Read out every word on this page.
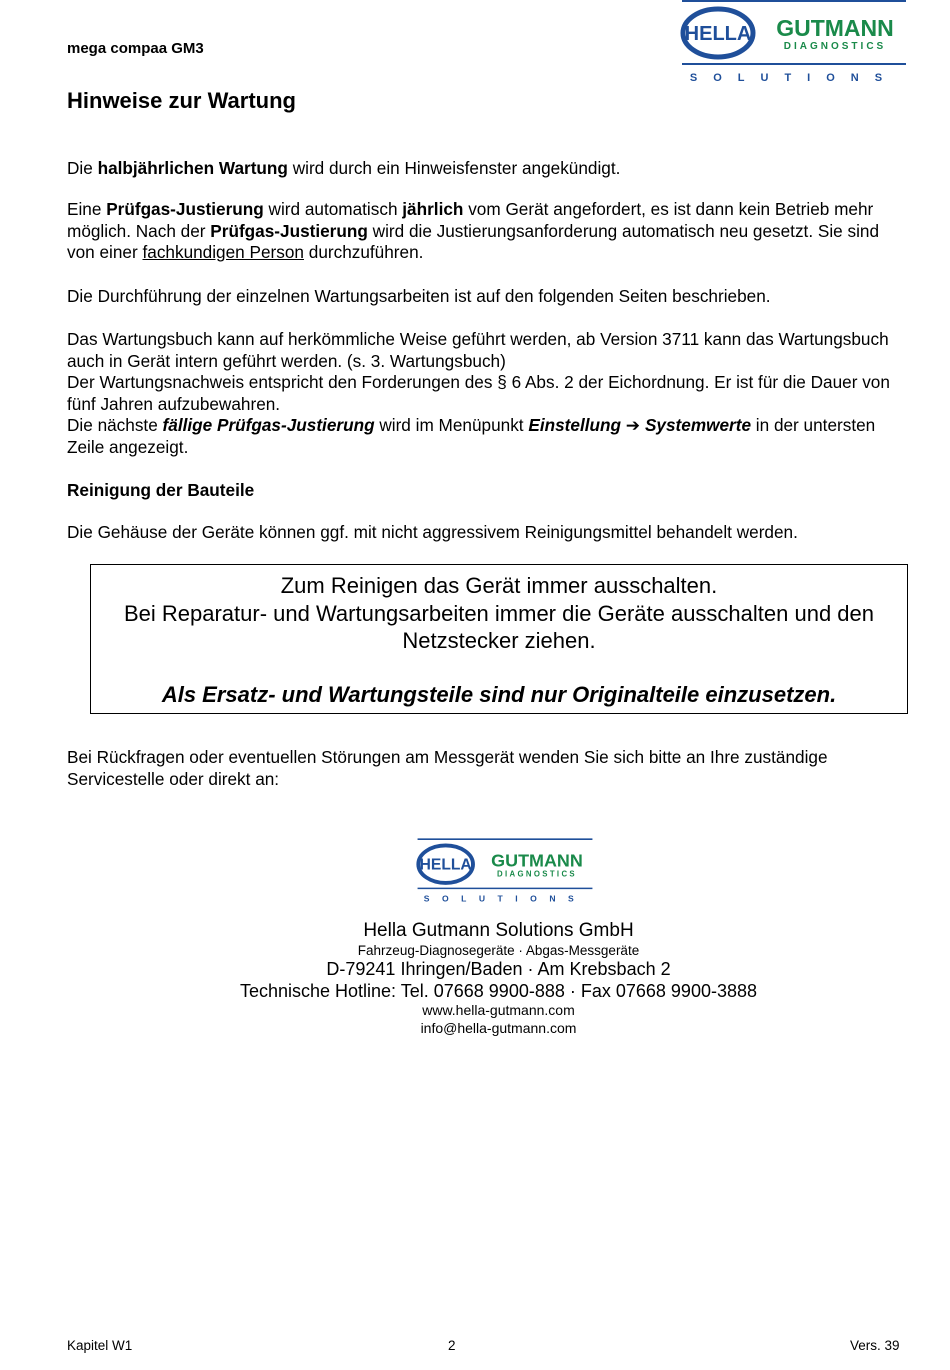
mega compaa GM3
HELLA GUTMANN
DIAGNOSTICS
SOLUTIONS
Hinweise zur Wartung

Die halbjährlichen Wartung wird durch ein Hinweisfenster angekündigt.

Eine Prüfgas-Justierung wird automatisch jährlich vom Gerät angefordert, es ist dann kein Betrieb mehr möglich. Nach der Prüfgas-Justierung wird die Justierungsanforderung automatisch neu gesetzt. Sie sind von einer fachkundigen Person durchzuführen.

Die Durchführung der einzelnen Wartungsarbeiten ist auf den folgenden Seiten beschrieben.

Das Wartungsbuch kann auf herkömmliche Weise geführt werden, ab Version 3711 kann das Wartungsbuch auch in Gerät intern geführt werden. (s. 3. Wartungsbuch)
Der Wartungsnachweis entspricht den Forderungen des § 6 Abs. 2 der Eichordnung. Er ist für die Dauer von fünf Jahren aufzubewahren.
Die nächste fällige Prüfgas-Justierung wird im Menüpunkt Einstellung ➔ Systemwerte in der untersten Zeile angezeigt.
Reinigung der Bauteile

Die Gehäuse der Geräte können ggf. mit nicht aggressivem Reinigungsmittel behandelt werden.

Zum Reinigen das Gerät immer ausschalten.
Bei Reparatur- und Wartungsarbeiten immer die Geräte ausschalten und den Netzstecker ziehen.
Als Ersatz- und Wartungsteile sind nur Originalteile einzusetzen.

Bei Rückfragen oder eventuellen Störungen am Messgerät wenden Sie sich bitte an Ihre zuständige Servicestelle oder direkt an:

HELLA GUTMANN
DIAGNOSTICS
SOLUTIONS
Hella Gutmann Solutions GmbH
Fahrzeug-Diagnosegeräte · Abgas-Messgeräte
D-79241 Ihringen/Baden · Am Krebsbach 2
Technische Hotline: Tel. 07668 9900-888 · Fax 07668 9900-3888
www.hella-gutmann.com
info@hella-gutmann.com
Kapitel W1	2	Vers. 39
